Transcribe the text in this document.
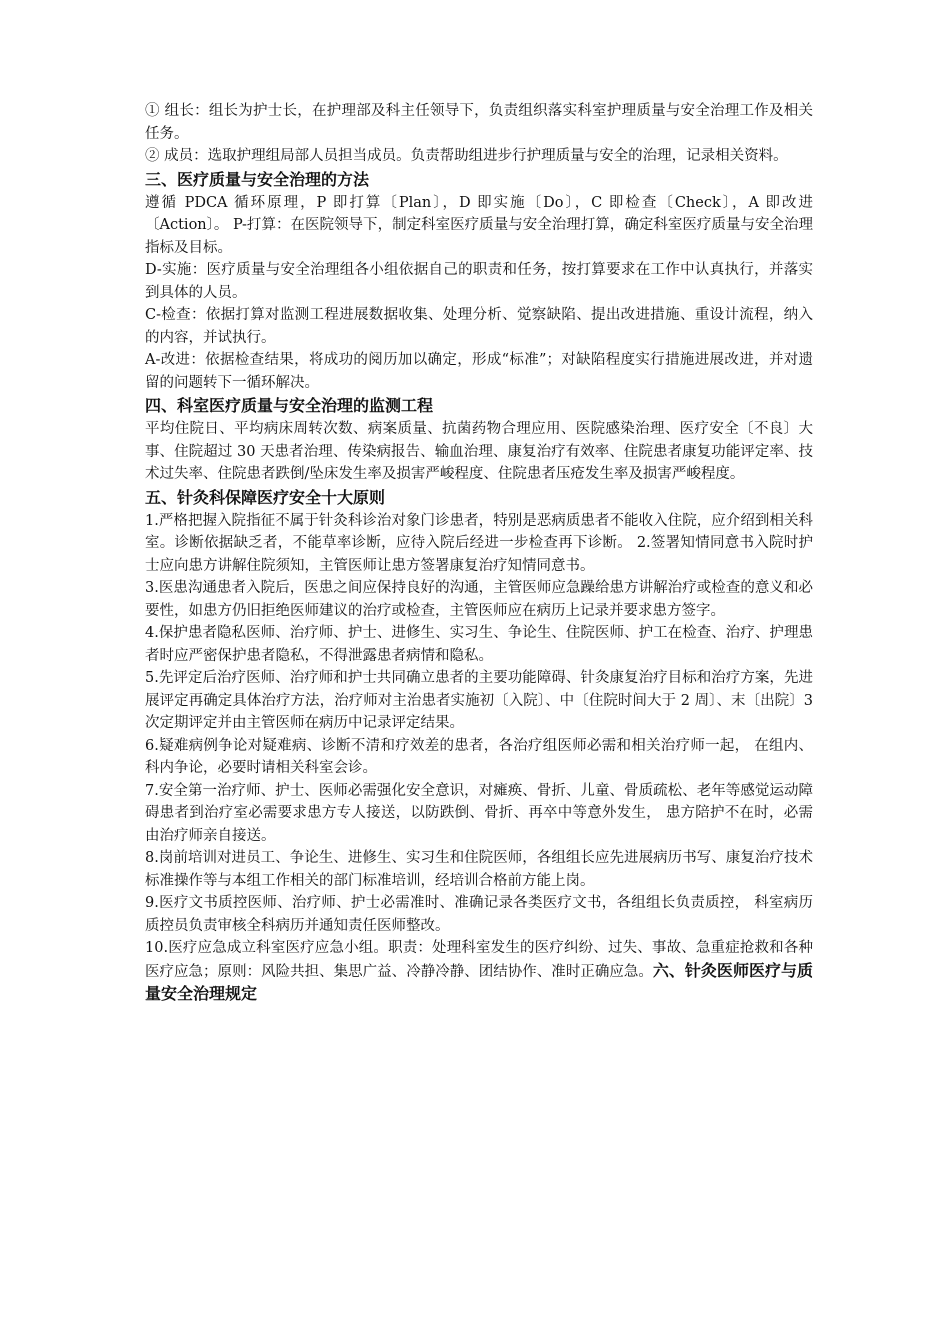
① 组长：组长为护士长，在护理部及科主任领导下，负责组织落实科室护理质量与安全治理工作及相关任务。

② 成员：选取护理组局部人员担当成员。负责帮助组进步行护理质量与安全的治理，记录相关资料。

三、医疗质量与安全治理的方法

遵循 PDCA 循环原理，P 即打算〔Plan〕，D 即实施〔Do〕，C 即检查〔Check〕，A 即改进〔Action〕。 P-打算：在医院领导下，制定科室医疗质量与安全治理打算，确定科室医疗质量与安全治理指标及目标。

D-实施：医疗质量与安全治理组各小组依据自己的职责和任务，按打算要求在工作中认真执行，并落实到具体的人员。

C-检查：依据打算对监测工程进展数据收集、处理分析、觉察缺陷、提出改进措施、重设计流程，纳入的内容，并试执行。

A-改进：依据检查结果，将成功的阅历加以确定，形成“标准”；对缺陷程度实行措施进展改进，并对遗留的问题转下一循环解决。

四、科室医疗质量与安全治理的监测工程

平均住院日、平均病床周转次数、病案质量、抗菌药物合理应用、医院感染治理、医疗安全〔不良〕大事、住院超过 30 天患者治理、传染病报告、输血治理、康复治疗有效率、住院患者康复功能评定率、技术过失率、住院患者跌倒/坠床发生率及损害严峻程度、住院患者压疮发生率及损害严峻程度。

五、针灸科保障医疗安全十大原则

1.严格把握入院指征不属于针灸科诊治对象门诊患者，特别是恶病质患者不能收入住院，应介绍到相关科室。诊断依据缺乏者，不能草率诊断，应待入院后经进一步检查再下诊断。 2.签署知情同意书入院时护士应向患方讲解住院须知，主管医师让患方签署康复治疗知情同意书。

3.医患沟通患者入院后，医患之间应保持良好的沟通，主管医师应急躁给患方讲解治疗或检查的意义和必要性，如患方仍旧拒绝医师建议的治疗或检查，主管医师应在病历上记录并要求患方签字。

4.保护患者隐私医师、治疗师、护士、进修生、实习生、争论生、住院医师、护工在检查、治疗、护理患者时应严密保护患者隐私，不得泄露患者病情和隐私。

5.先评定后治疗医师、治疗师和护士共同确立患者的主要功能障碍、针灸康复治疗目标和治疗方案，先进展评定再确定具体治疗方法，治疗师对主治患者实施初〔入院〕、中〔住院时间大于 2 周〕、末〔出院〕3 次定期评定并由主管医师在病历中记录评定结果。

6.疑难病例争论对疑难病、诊断不清和疗效差的患者，各治疗组医师必需和相关治疗师一起， 在组内、科内争论，必要时请相关科室会诊。

7.安全第一治疗师、护士、医师必需强化安全意识，对瘫痪、骨折、儿童、骨质疏松、老年等感觉运动障碍患者到治疗室必需要求患方专人接送，以防跌倒、骨折、再卒中等意外发生， 患方陪护不在时，必需由治疗师亲自接送。

8.岗前培训对进员工、争论生、进修生、实习生和住院医师，各组组长应先进展病历书写、康复治疗技术标准操作等与本组工作相关的部门标准培训，经培训合格前方能上岗。

9.医疗文书质控医师、治疗师、护士必需准时、准确记录各类医疗文书，各组组长负责质控， 科室病历质控员负责审核全科病历并通知责任医师整改。

10.医疗应急成立科室医疗应急小组。职责：处理科室发生的医疗纠纷、过失、事故、急重症抢救和各种医疗应急；原则：风险共担、集思广益、冷静冷静、团结协作、准时正确应急。六、针灸医师医疗与质量安全治理规定
